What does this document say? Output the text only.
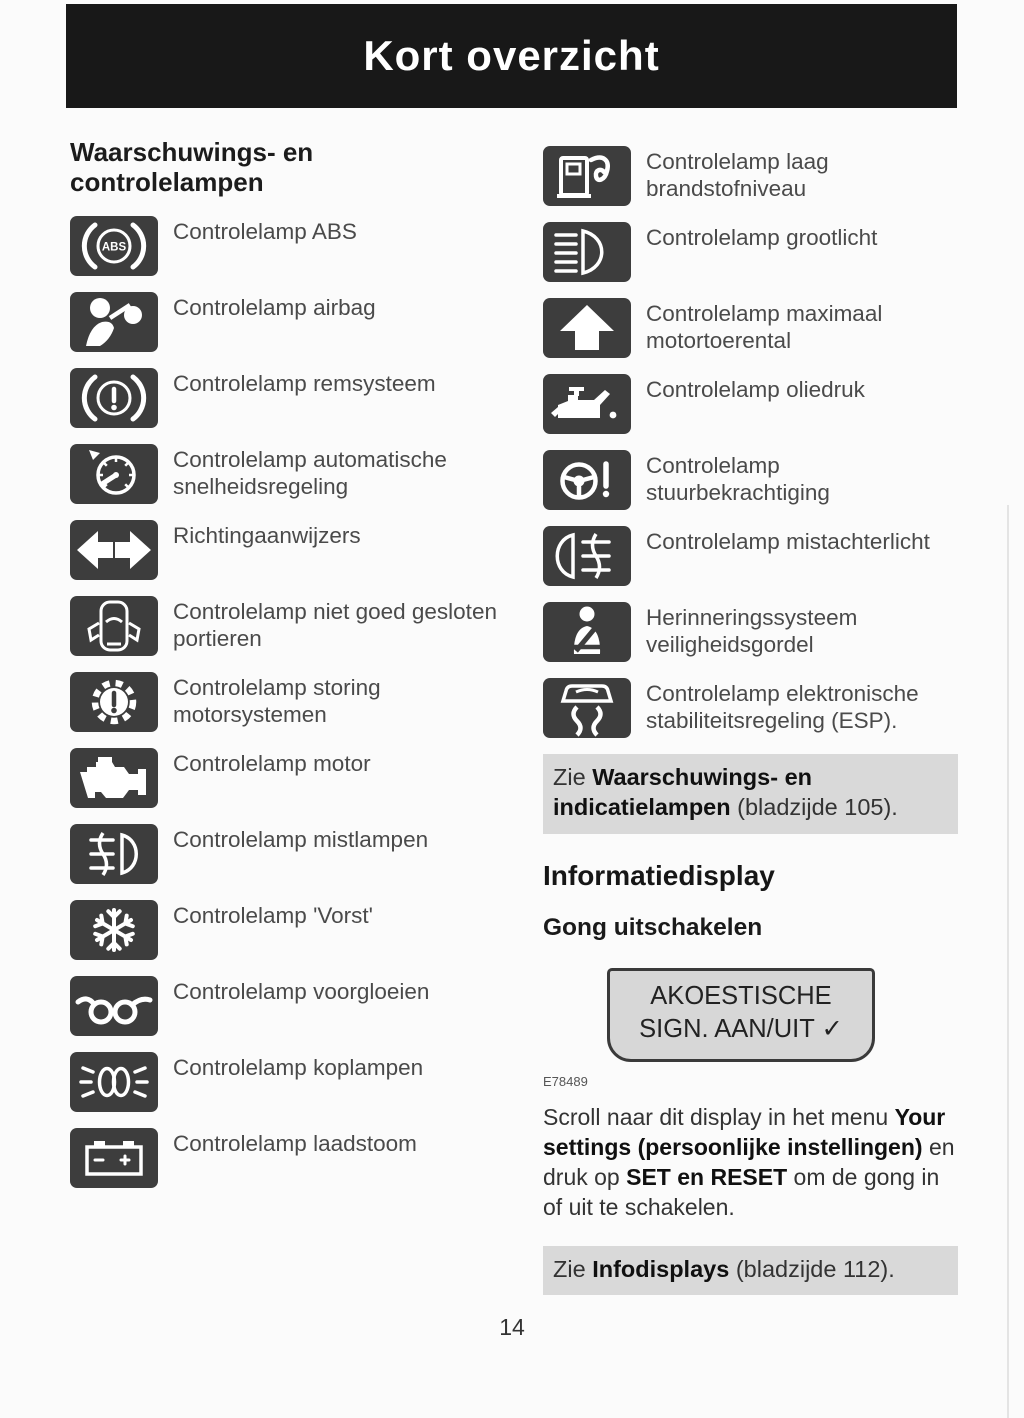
Kort overzicht
Waarschuwings- en controlelampen
Controlelamp ABS
Controlelamp airbag
Controlelamp remsysteem
Controlelamp automatische snelheidsregeling
Richtingaanwijzers
Controlelamp niet goed gesloten portieren
Controlelamp storing motorsystemen
Controlelamp motor
Controlelamp mistlampen
Controlelamp 'Vorst'
Controlelamp voorgloeien
Controlelamp koplampen
Controlelamp laadstoom
Controlelamp laag brandstofniveau
Controlelamp grootlicht
Controlelamp maximaal motortoerental
Controlelamp oliedruk
Controlelamp stuurbekrachtiging
Controlelamp mistachterlicht
Herinneringssysteem veiligheidsgordel
Controlelamp elektronische stabiliteitsregeling (ESP).
Zie Waarschuwings- en indicatielampen (bladzijde 105).
Informatiedisplay
Gong uitschakelen
AKOESTISCHE
SIGN. AAN/UIT ✓
E78489

Scroll naar dit display in het menu Your settings (persoonlijke instellingen) en druk op SET en RESET om de gong in of uit te schakelen.

Zie Infodisplays (bladzijde 112).
14
